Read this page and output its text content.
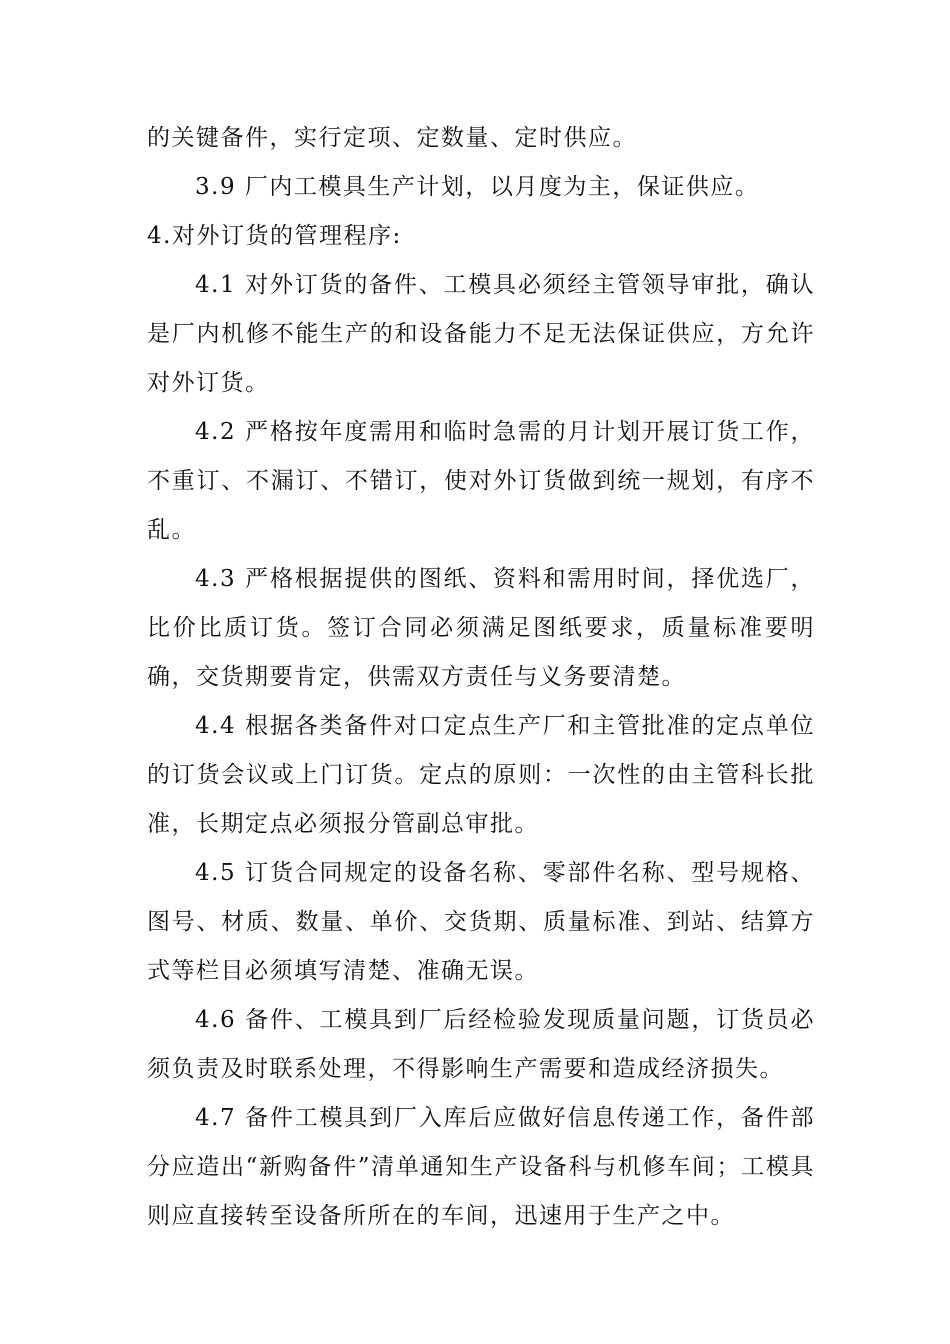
的关键备件，实行定项、定数量、定时供应。

3.9 厂内工模具生产计划，以月度为主，保证供应。

4.对外订货的管理程序:

4.1 对外订货的备件、工模具必须经主管领导审批，确认是厂内机修不能生产的和设备能力不足无法保证供应，方允许对外订货。

4.2 严格按年度需用和临时急需的月计划开展订货工作，不重订、不漏订、不错订，使对外订货做到统一规划，有序不乱。

4.3 严格根据提供的图纸、资料和需用时间，择优选厂，比价比质订货。签订合同必须满足图纸要求，质量标准要明确，交货期要肯定，供需双方责任与义务要清楚。

4.4 根据各类备件对口定点生产厂和主管批准的定点单位的订货会议或上门订货。定点的原则：一次性的由主管科长批准，长期定点必须报分管副总审批。

4.5 订货合同规定的设备名称、零部件名称、型号规格、图号、材质、数量、单价、交货期、质量标准、到站、结算方式等栏目必须填写清楚、准确无误。

4.6 备件、工模具到厂后经检验发现质量问题，订货员必须负责及时联系处理，不得影响生产需要和造成经济损失。

4.7 备件工模具到厂入库后应做好信息传递工作，备件部分应造出“新购备件”清单通知生产设备科与机修车间；工模具则应直接转至设备所所在的车间，迅速用于生产之中。
